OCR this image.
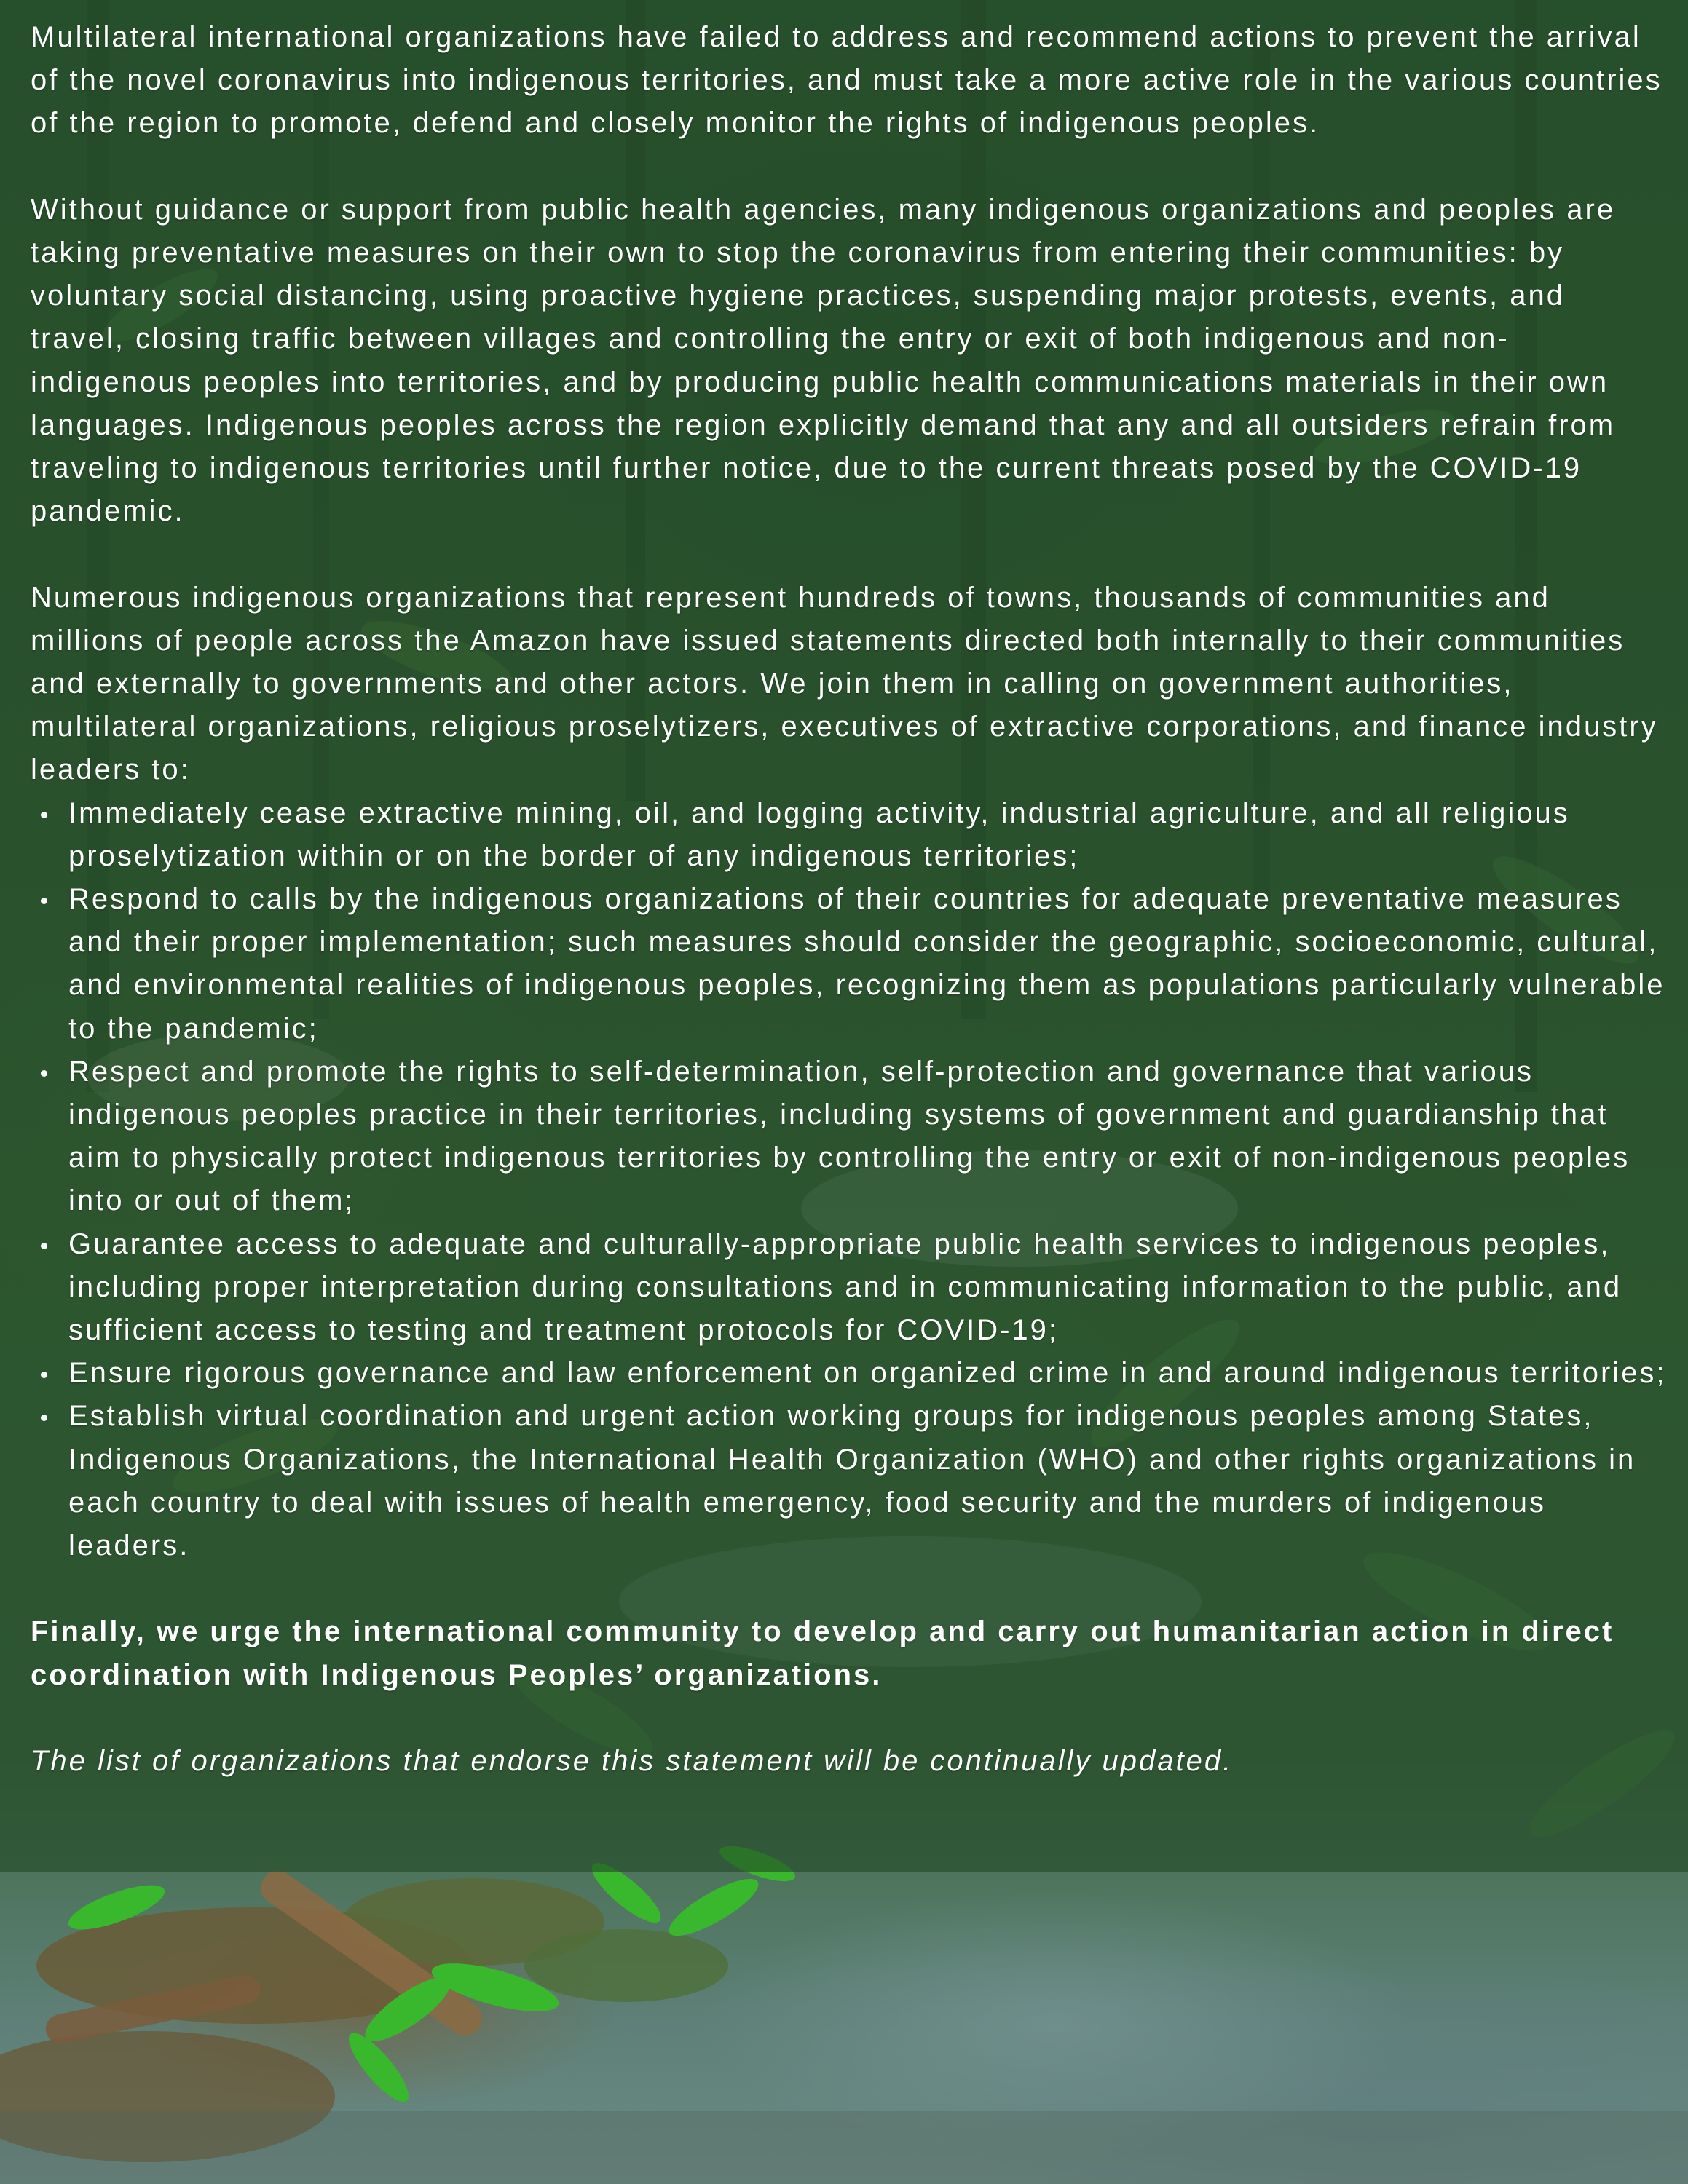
Multilateral international organizations have failed to address and recommend actions to prevent the arrival of the novel coronavirus into indigenous territories, and must take a more active role in the various countries of the region to promote, defend and closely monitor the rights of indigenous peoples.

Without guidance or support from public health agencies, many indigenous organizations and peoples are taking preventative measures on their own to stop the coronavirus from entering their communities: by voluntary social distancing, using proactive hygiene practices, suspending major protests, events, and travel, closing traffic between villages and controlling the entry or exit of both indigenous and non-indigenous peoples into territories, and by producing public health communications materials in their own languages. Indigenous peoples across the region explicitly demand that any and all outsiders refrain from traveling to indigenous territories until further notice, due to the current threats posed by the COVID-19 pandemic.

Numerous indigenous organizations that represent hundreds of towns, thousands of communities and millions of people across the Amazon have issued statements directed both internally to their communities and externally to governments and other actors. We join them in calling on government authorities, multilateral organizations, religious proselytizers, executives of extractive corporations, and finance industry leaders to:

Immediately cease extractive mining, oil, and logging activity, industrial agriculture, and all religious proselytization within or on the border of any indigenous territories;
Respond to calls by the indigenous organizations of their countries for adequate preventative measures and their proper implementation; such measures should consider the geographic, socioeconomic, cultural, and environmental realities of indigenous peoples, recognizing them as populations particularly vulnerable to the pandemic;
Respect and promote the rights to self-determination, self-protection and governance that various indigenous peoples practice in their territories, including systems of government and guardianship that aim to physically protect indigenous territories by controlling the entry or exit of non-indigenous peoples into or out of them;
Guarantee access to adequate and culturally-appropriate public health services to indigenous peoples, including proper interpretation during consultations and in communicating information to the public, and sufficient access to testing and treatment protocols for COVID-19;
Ensure rigorous governance and law enforcement on organized crime in and around indigenous territories;
Establish virtual coordination and urgent action working groups for indigenous peoples among States, Indigenous Organizations, the International Health Organization (WHO) and other rights organizations in each country to deal with issues of health emergency, food security and the murders of indigenous leaders.

Finally, we urge the international community to develop and carry out humanitarian action in direct coordination with Indigenous Peoples’ organizations.

The list of organizations that endorse this statement will be continually updated.
